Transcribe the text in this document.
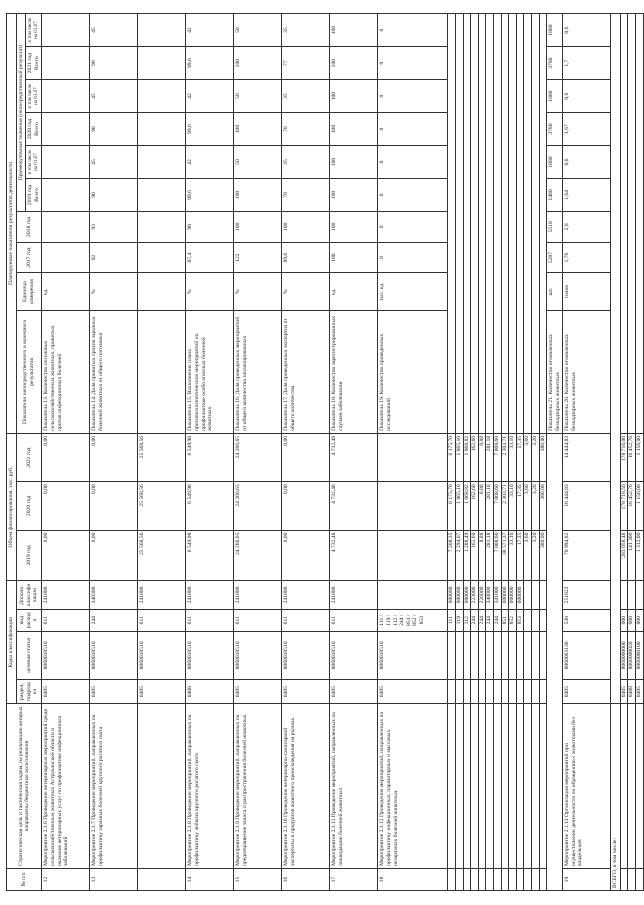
№ п/п	Стратегическая цель и тактическая задача, на реализацию которых направлены бюджетные ассигнования	Коды классификации				Объем финансирования, тыс. руб.			Планируемые показатели результатов деятельности									
		раздел, подраздел	целевая статья	вид расхода	Дополн. классификации	2019 год	2020 год	2021 год	Показатели непосредственного и конечного результатов	Единица измерения	2017 год	2018 год	Промежуточные значения (непосредственный результат)					
													2019 год Всего	в том числе на 01.07	2020 год Всего	в том числе на 01.07	2021 год Всего	в том числе на 01.07
12	Мероприятие 2.1.6 Проведение ветеринарных мероприятий среди сельскохозяйственных животных Астраханской области и оказание ветеринарных услуг по профилактике инфекционных заболеваний	0405	8060010510	611	241000	0,00	0,00	0,00	Показатель 13. Количество поголовья сельскохозяйственных животных, привитых против инфекционных болезней	ед.								
13	Мероприятие 2.1.7 Проведение мероприятий, направленных на профилактику заразных болезней крупного рогатого скота	0405	8060010510	244	340300	0,00	0,00	0,00	Показатель 14. Доля привитых против заразных болезней животных от общего поголовья	%	92	93	90	45	90	45	90	45
		0405	8060010510	611	241000	25 568,56	25 568,56	25 568,56										
14	Мероприятие 2.1.8 Проведение мероприятий, направленных на профилактику лейкоза крупного рогатого скота	0408	8060010510	611	241000	6 549,98	6 549,98	6 549,98	Показатель 15. Выполнение плана противоэпизоотических мероприятий по профилактике особо опасных болезней животных	%	87,4	98	99,6	42	99,6	42	99,6	42
15	Мероприятие 2.1.9 Проведение мероприятий, направленных на предотвращение заноса и распространения болезней животных	0405	8060010510	611	241000	24 266,65	24 266,65	24 266,65	Показатель 16. Доля проведенных мероприятий от общего количества запланированных	%	122	100	100	50	100	50	100	50
16	Мероприятие 2.1.10 Проведение ветеринарно-санитарной экспертизы и продуктов животного происхождения на рынках	0405	8060010510	611	241000	0,00	0,00	0,00	Показатель 17. Доля проведенных экспертиз от общего количества	%	89,6	100	70	35	70	35	77	35
17	Мероприятие 2.1.11 Проведение мероприятий, направленных на ликвидацию болезней животных	0405	8060010510	611	241000	4 732,48	4 732,48	4 732,48	Показатель 18. Количество зарегистрированных случаев заболевания	ед.	100	100	100	100	100	100	100	100
18	Мероприятие 2.1.12 Проведение мероприятий, направленных на профилактику инфекционных, паразитарных и массовых незаразных болезней животных	0405	8060010510	111 / 119 / 112 / 244 / 851 / 852 / 853					Показатель 19. Количество проведенных исследований	тыс. ед.	0	0	0	0	0	0	0	0
				111	000000	7 208,35	6 175,70	6 175,70										
				119	000000	2 294,07	1 865,10	1 865,10										
				112	000000	1 288,49	1 068,82	1 068,82										
				244	223000	162,60	162,60	162,60										
				244	226000	8,88	8,88	8,88										
				244	340000	281,18	281,18	281,18										
				244	341000	7 008,60	7 008,60	7 008,60										
				851	000000	38 571,37	2 303,71	2 303,71										
				852	000000	33,10	33,10	33,10										
				853	000000	17,35	17,35	17,35										
						3,60	3,60	3,60										
						3,20	3,20	3,20										
						380,00	380,00	380,00										
									Показатель 21. Количество отловленных безнадзорных животных	шт.	5287	5518	1480	1880	3780	1880	3780	1880
19	Мероприятие 2.1.13 Организация мероприятий при осуществлении деятельности по обращению с животными без владельцев	0405	8060063130	530	251023	78 994,82	16 444,83	14 444,83	Показатель 20. Количество отловленных безнадзорных животных	голов	1,76	2,8	1,64	0,6	1,67	0,6	1,7	0,6
ВСЕГО, в том числе:																		
		0405	8060000000	000		283 058,48	178 718,50	178 716,00										
		0408	8060000020	000		141 306	16 452,76	16 452,76										
		0405	8060000100	000		1 312,00	1 156,00	1 156,00										
